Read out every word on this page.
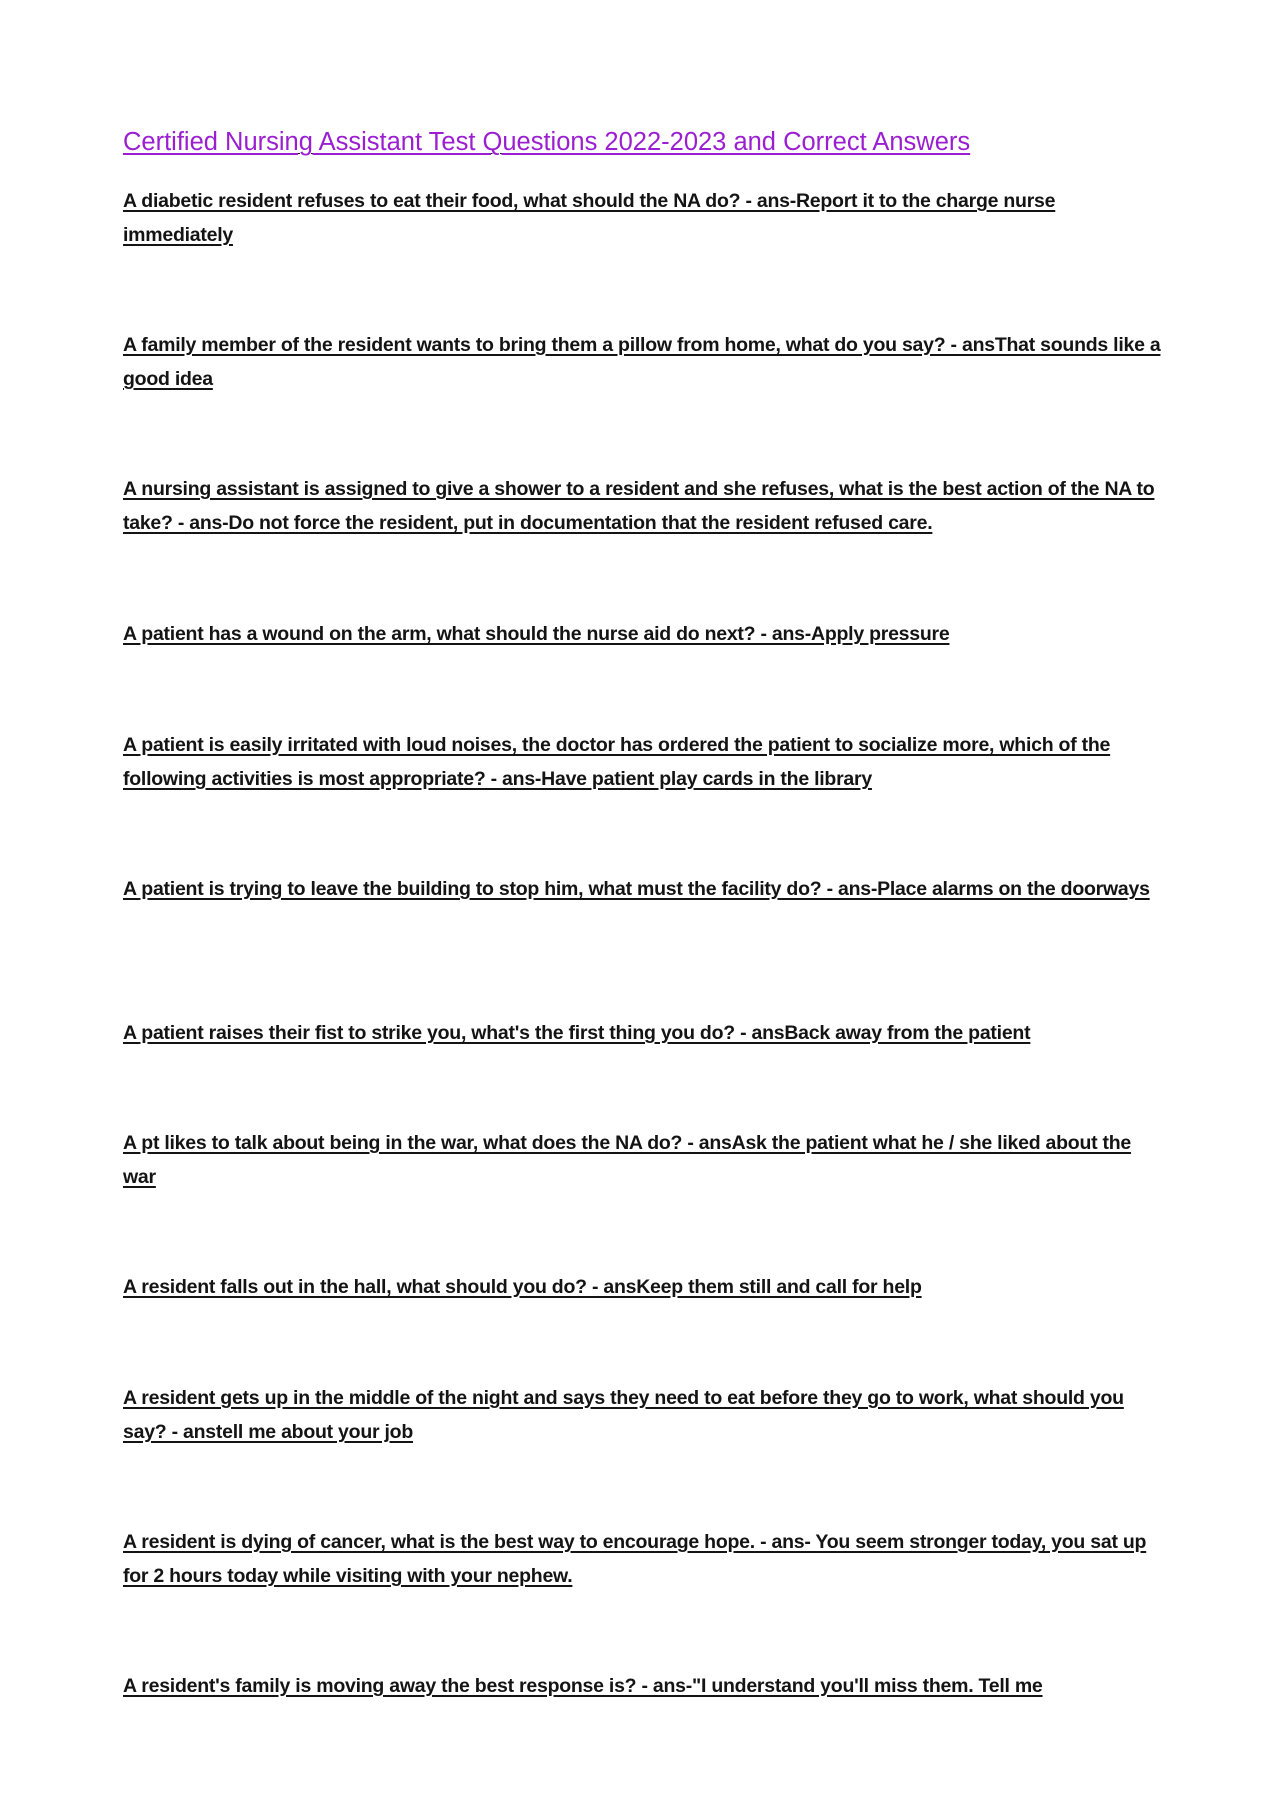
Certified Nursing Assistant Test Questions 2022-2023 and Correct Answers

A diabetic resident refuses to eat their food, what should the NA do? - ans-Report it to the charge nurse immediately

A family member of the resident wants to bring them a pillow from home, what do you say? - ansThat sounds like a good idea

A nursing assistant is assigned to give a shower to a resident and she refuses, what is the best action of the NA to take? - ans-Do not force the resident, put in documentation that the resident refused care.

A patient has a wound on the arm, what should the nurse aid do next? - ans-Apply pressure

A patient is easily irritated with loud noises, the doctor has ordered the patient to socialize more, which of the following activities is most appropriate? - ans-Have patient play cards in the library

A patient is trying to leave the building to stop him, what must the facility do? - ans-Place alarms on the doorways

A patient raises their fist to strike you, what's the first thing you do? - ansBack away from the patient

A pt likes to talk about being in the war, what does the NA do? - ansAsk the patient what he / she liked about the war

A resident falls out in the hall, what should you do? - ansKeep them still and call for help

A resident gets up in the middle of the night and says they need to eat before they go to work, what should you say? - anstell me about your job

A resident is dying of cancer, what is the best way to encourage hope. - ans- You seem stronger today, you sat up for 2 hours today while visiting with your nephew.

A resident's family is moving away the best response is? - ans-"I understand you'll miss them. Tell me
